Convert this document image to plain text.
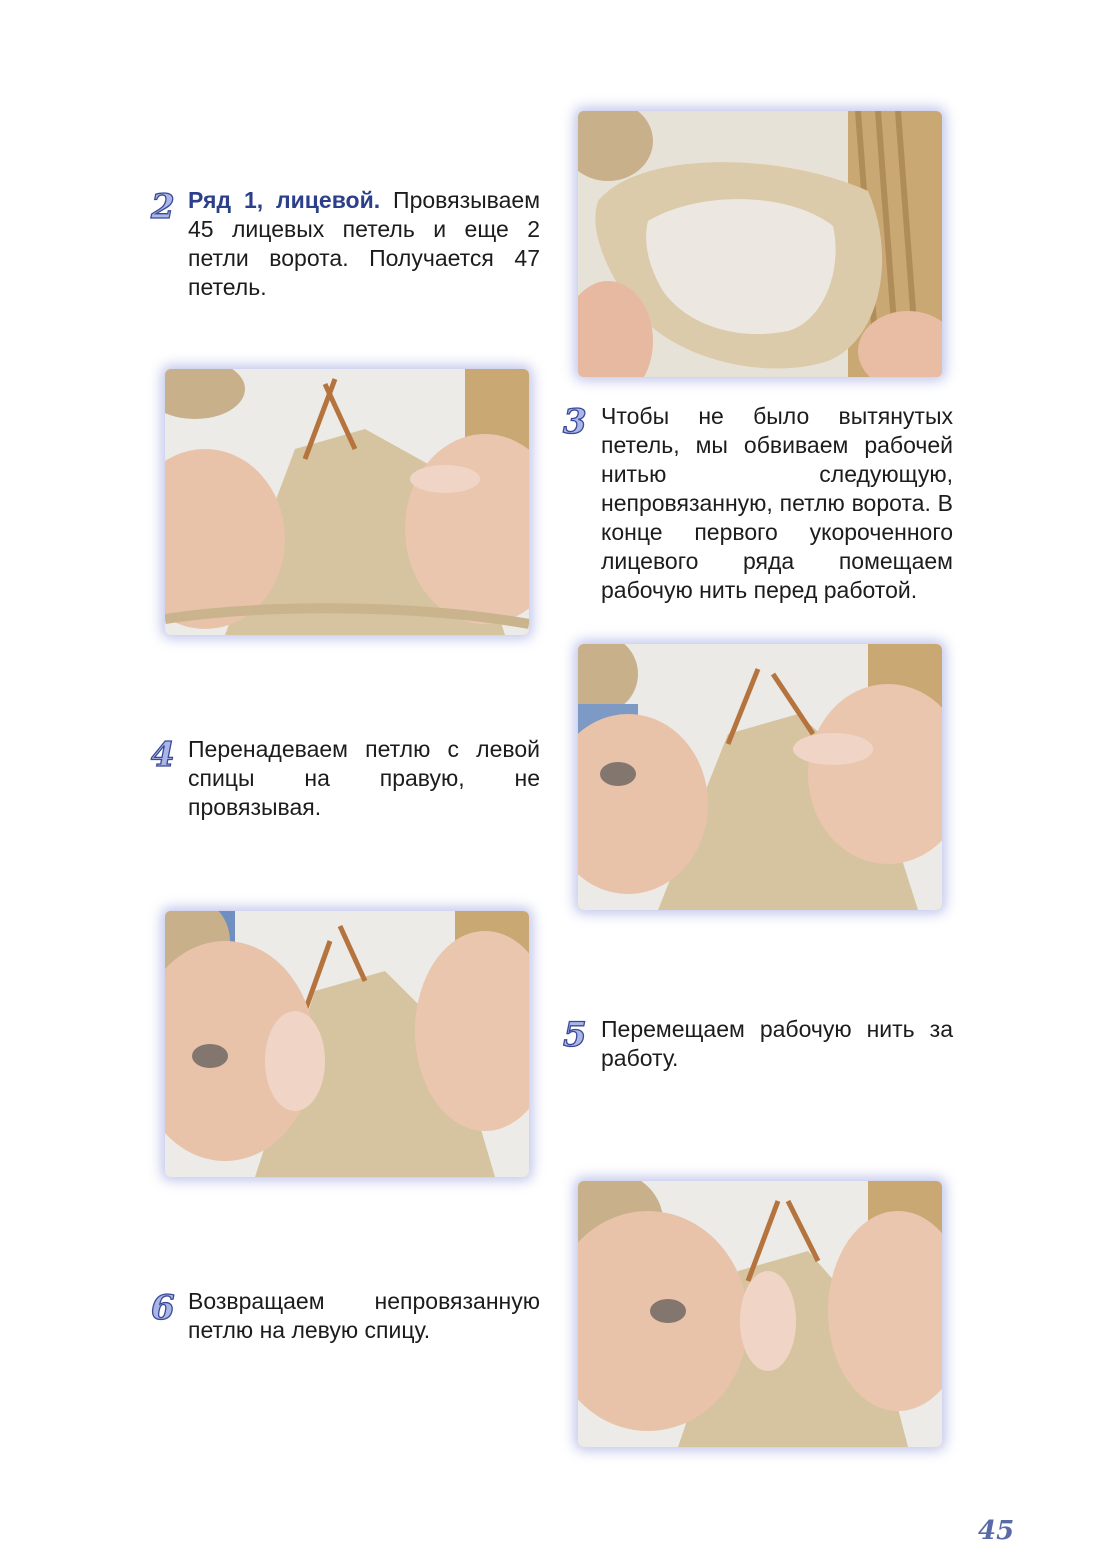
2 Ряд 1, лицевой. Провязываем 45 лицевых петель и еще 2 петли ворота. Получается 47 петель.
3 Чтобы не было вытянутых петель, мы обвиваем рабочей нитью следующую, непровязанную, петлю ворота. В конце первого укороченного лицевого ряда помещаем рабочую нить перед работой.
4 Перенадеваем петлю с левой спицы на правую, не провязывая.
5 Перемещаем рабочую нить за работу.
6 Возвращаем непровязанную петлю на левую спицу.
45
